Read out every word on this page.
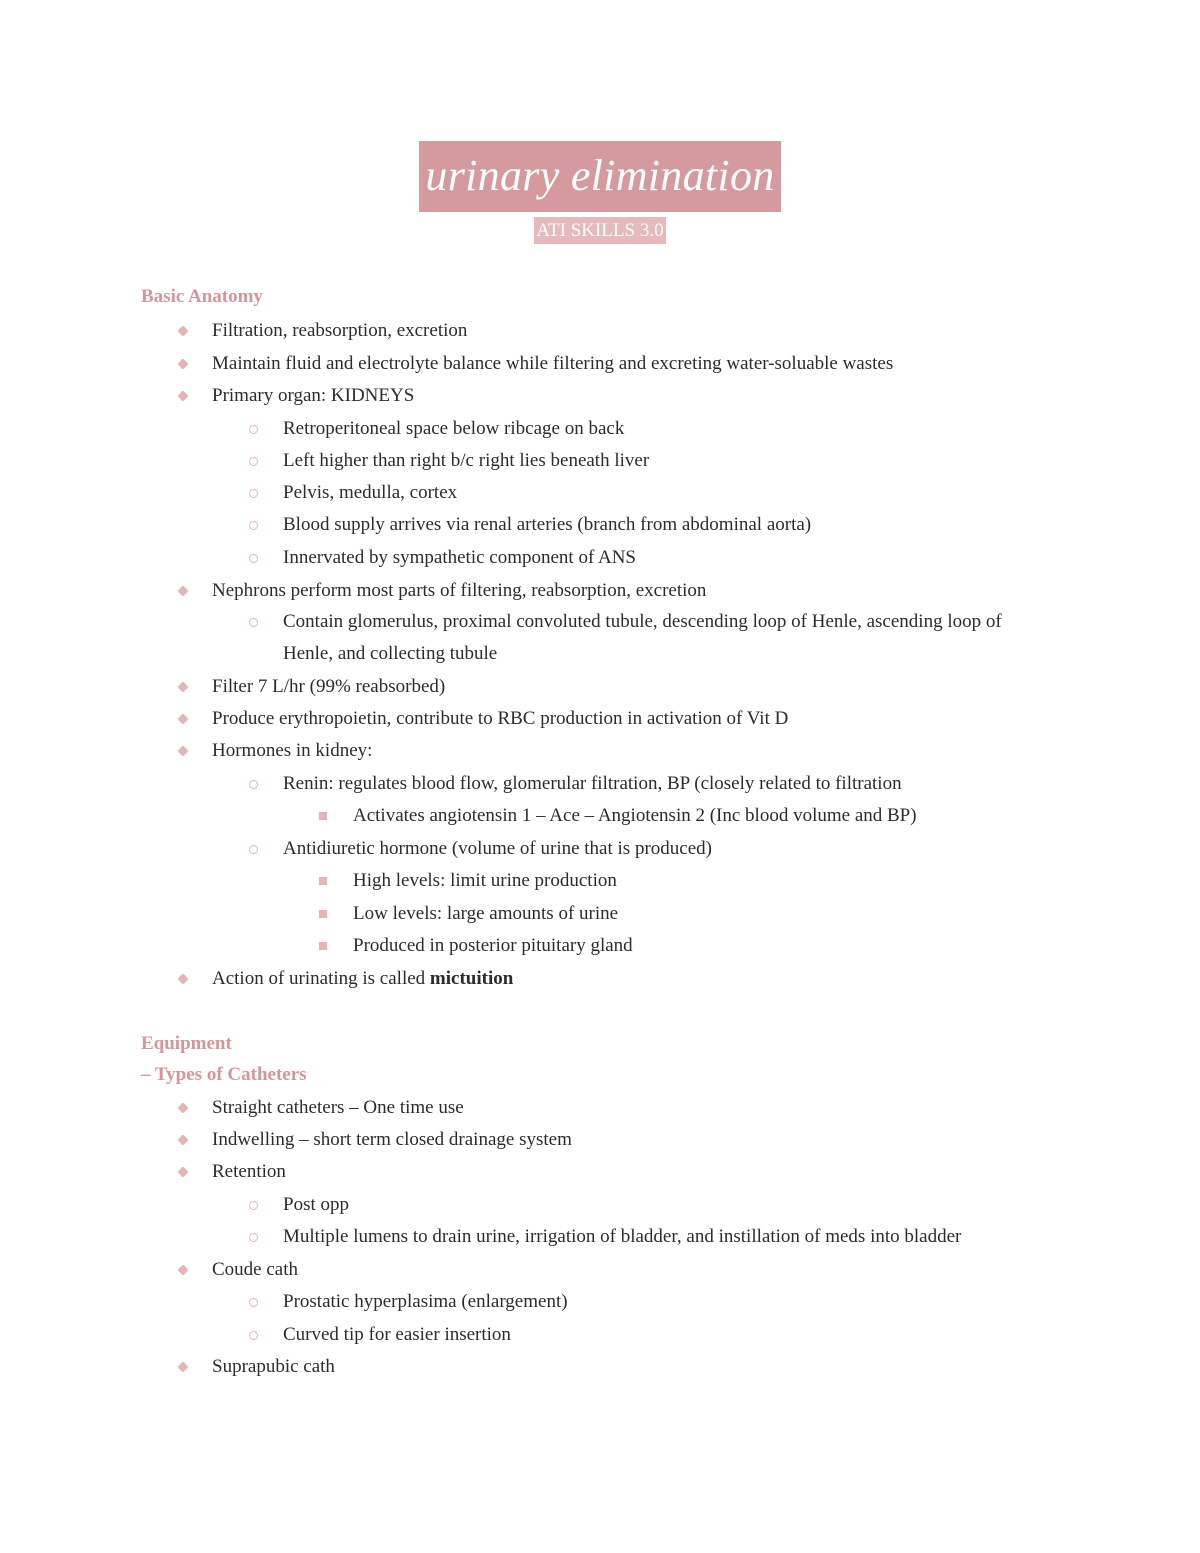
urinary elimination
ATI SKILLS 3.0
Basic Anatomy
Filtration, reabsorption, excretion
Maintain fluid and electrolyte balance while filtering and excreting water-soluable wastes
Primary organ: KIDNEYS
Retroperitoneal space below ribcage on back
Left higher than right b/c right lies beneath liver
Pelvis, medulla, cortex
Blood supply arrives via renal arteries (branch from abdominal aorta)
Innervated by sympathetic component of ANS
Nephrons perform most parts of filtering, reabsorption, excretion
Contain glomerulus, proximal convoluted tubule, descending loop of Henle, ascending loop of
Henle, and collecting tubule
Filter 7 L/hr (99% reabsorbed)
Produce erythropoietin, contribute to RBC production in activation of Vit D
Hormones in kidney:
Renin: regulates blood flow, glomerular filtration, BP (closely related to filtration
Activates angiotensin 1 – Ace – Angiotensin 2 (Inc blood volume and BP)
Antidiuretic hormone (volume of urine that is produced)
High levels: limit urine production
Low levels: large amounts of urine
Produced in posterior pituitary gland
Action of urinating is called mictuition
Equipment
– Types of Catheters
Straight catheters – One time use
Indwelling – short term closed drainage system
Retention
Post opp
Multiple lumens to drain urine, irrigation of bladder, and instillation of meds into bladder
Coude cath
Prostatic hyperplasima (enlargement)
Curved tip for easier insertion
Suprapubic cath
